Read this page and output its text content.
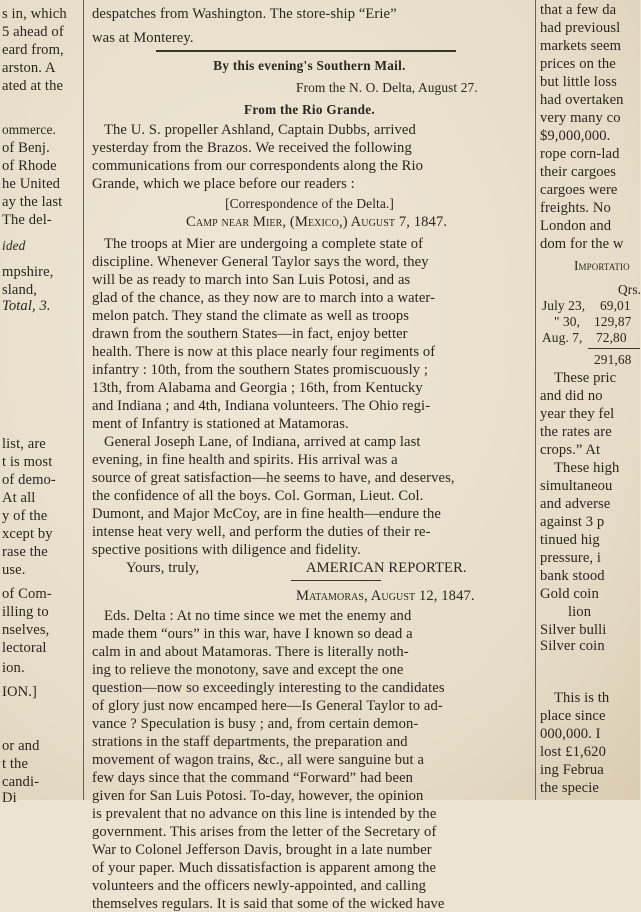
s in, which
5 ahead of
eard from,
arston. A
ated at the
ommerce.
of Benj.
of Rhode
he United
ay the last
The del-
ided
mpshire,
sland,
Total, 3.
list, are
t is most
of demo-
At all
y of the
xcept by
rase the
use.
of Com-
illing to
nselves,
lectoral
ion.
ION.]
or and
t the
candi-
Di
despatches from Washington. The store-ship “Erie”
was at Monterey.
By this evening's Southern Mail.
From the N. O. Delta, August 27.
From the Rio Grande.
The U. S. propeller Ashland, Captain Dubbs, arrived
yesterday from the Brazos. We received the following
communications from our correspondents along the Rio
Grande, which we place before our readers :
[Correspondence of the Delta.]
Camp near Mier, (Mexico,) August 7, 1847.
The troops at Mier are undergoing a complete state of
discipline. Whenever General Taylor says the word, they
will be as ready to march into San Luis Potosi, and as
glad of the chance, as they now are to march into a water-
melon patch. They stand the climate as well as troops
drawn from the southern States—in fact, enjoy better
health. There is now at this place nearly four regiments of
infantry : 10th, from the southern States promiscuously ;
13th, from Alabama and Georgia ; 16th, from Kentucky
and Indiana ; and 4th, Indiana volunteers. The Ohio regi-
ment of Infantry is stationed at Matamoras.
General Joseph Lane, of Indiana, arrived at camp last
evening, in fine health and spirits. His arrival was a
source of great satisfaction—he seems to have, and deserves,
the confidence of all the boys. Col. Gorman, Lieut. Col.
Dumont, and Major McCoy, are in fine health—endure the
intense heat very well, and perform the duties of their re-
spective positions with diligence and fidelity.
Yours, truly,	AMERICAN REPORTER.
Matamoras, August 12, 1847.
Eds. Delta : At no time since we met the enemy and
made them “ours” in this war, have I known so dead a
calm in and about Matamoras. There is literally noth-
ing to relieve the monotony, save and except the one
question—now so exceedingly interesting to the candidates
of glory just now encamped here—Is General Taylor to ad-
vance ? Speculation is busy ; and, from certain demon-
strations in the staff departments, the preparation and
movement of wagon trains, &c., all were sanguine but a
few days since that the command “Forward” had been
given for San Luis Potosi. To-day, however, the opinion
is prevalent that no advance on this line is intended by the
government. This arises from the letter of the Secretary of
War to Colonel Jefferson Davis, brought in a late number
of your paper. Much dissatisfaction is apparent among the
volunteers and the officers newly-appointed, and calling
themselves regulars. It is said that some of the wicked have
that a few da
had previousl
markets seem
prices on the
but little loss
had overtaken
very many co
$9,000,000.
rope corn-lad
their cargoes
cargoes were
freights. No
London and
dom for the w
Importatio
Qrs.
July 23, 69,01
" 30, 129,87
Aug. 7, 72,80
291,68
These pric
and did no
year they fel
the rates are
crops.” At
These high
simultaneou
and adverse
against 3 p
tinued hig
pressure, i
bank stood
Gold coin
lion
Silver bulli
Silver coin
This is th
place since
000,000. I
lost £1,620
ing Februa
the specie
